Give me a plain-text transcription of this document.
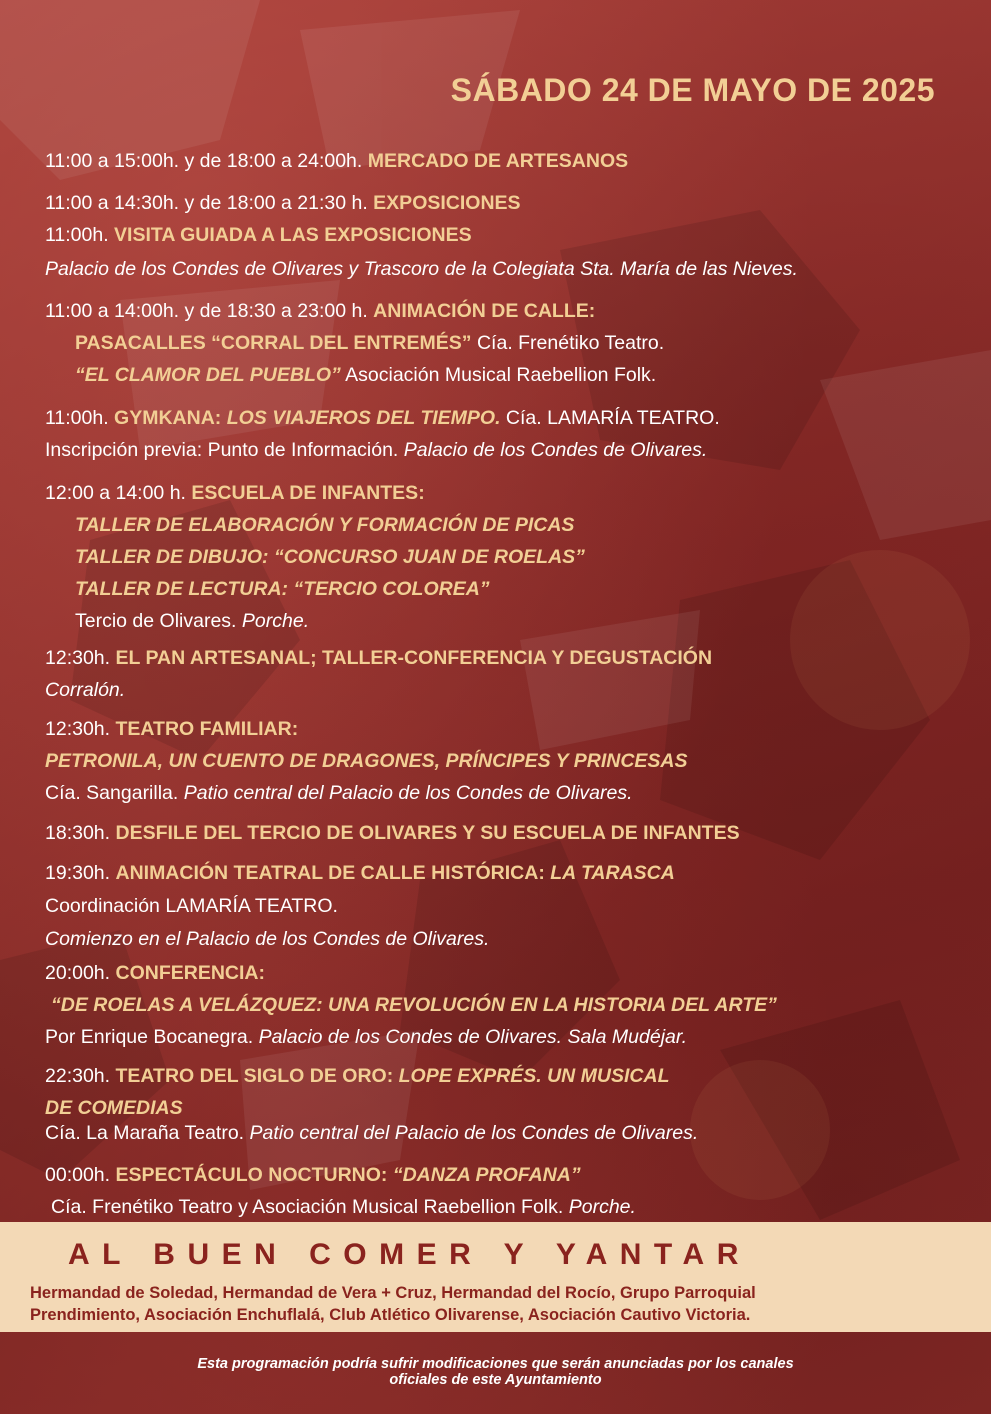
SÁBADO 24 DE MAYO DE 2025
11:00 a 15:00h. y de 18:00 a 24:00h. MERCADO DE ARTESANOS
11:00 a 14:30h. y de 18:00 a 21:30 h. EXPOSICIONES
11:00h. VISITA GUIADA A LAS EXPOSICIONES
Palacio de los Condes de Olivares y Trascoro de la Colegiata Sta. María de las Nieves.
11:00 a 14:00h. y de 18:30 a 23:00 h. ANIMACIÓN DE CALLE:
PASACALLES “CORRAL DEL ENTREMÉS” Cía. Frenétiko Teatro.
“EL CLAMOR DEL PUEBLO” Asociación Musical Raebellion Folk.
11:00h. GYMKANA: LOS VIAJEROS DEL TIEMPO. Cía. LAMARÍA TEATRO.
Inscripción previa: Punto de Información. Palacio de los Condes de Olivares.
12:00 a 14:00 h. ESCUELA DE INFANTES:
TALLER DE ELABORACIÓN Y FORMACIÓN DE PICAS
TALLER DE DIBUJO: “CONCURSO JUAN DE ROELAS”
TALLER DE LECTURA: “TERCIO COLOREA”
Tercio de Olivares. Porche.
12:30h. EL PAN ARTESANAL; TALLER-CONFERENCIA Y DEGUSTACIÓN
Corralón.
12:30h. TEATRO FAMILIAR:
PETRONILA, UN CUENTO DE DRAGONES, PRÍNCIPES Y PRINCESAS
Cía. Sangarilla. Patio central del Palacio de los Condes de Olivares.
18:30h. DESFILE DEL TERCIO DE OLIVARES Y SU ESCUELA DE INFANTES
19:30h. ANIMACIÓN TEATRAL DE CALLE HISTÓRICA: LA TARASCA
Coordinación LAMARÍA TEATRO.
Comienzo en el Palacio de los Condes de Olivares.
20:00h. CONFERENCIA:
“DE ROELAS A VELÁZQUEZ: UNA REVOLUCIÓN EN LA HISTORIA DEL ARTE”
Por Enrique Bocanegra. Palacio de los Condes de Olivares. Sala Mudéjar.
22:30h. TEATRO DEL SIGLO DE ORO: LOPE EXPRÉS. UN MUSICAL
DE COMEDIAS
Cía. La Maraña Teatro. Patio central del Palacio de los Condes de Olivares.
00:00h. ESPECTÁCULO NOCTURNO: “DANZA PROFANA”
Cía. Frenétiko Teatro y Asociación Musical Raebellion Folk. Porche.
AL BUEN COMER Y YANTAR
Hermandad de Soledad, Hermandad de Vera + Cruz, Hermandad del Rocío, Grupo Parroquial
Prendimiento, Asociación Enchuflalá, Club Atlético Olivarense, Asociación Cautivo Victoria.
Esta programación podría sufrir modificaciones que serán anunciadas por los canales
oficiales de este Ayuntamiento
